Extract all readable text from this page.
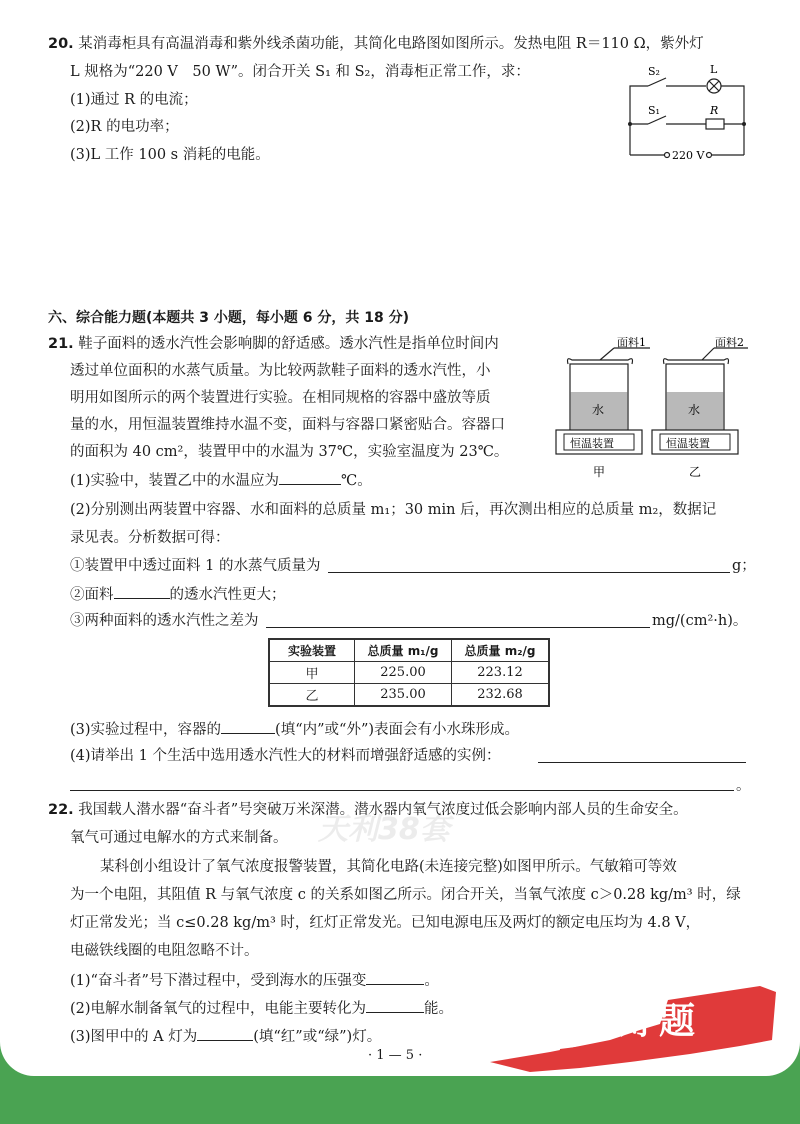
20. 某消毒柜具有高温消毒和紫外线杀菌功能，其简化电路图如图所示。发热电阻 R＝110 Ω，紫外灯
L 规格为“220 V　50 W”。闭合开关 S₁ 和 S₂，消毒柜正常工作，求：
(1)通过 R 的电流；
(2)R 的电功率；
(3)L 工作 100 s 消耗的电能。
S₂	L
S₁	R
220 V
六、综合能力题(本题共 3 小题，每小题 6 分，共 18 分)
21. 鞋子面料的透水汽性会影响脚的舒适感。透水汽性是指单位时间内
透过单位面积的水蒸气质量。为比较两款鞋子面料的透水汽性，小
明用如图所示的两个装置进行实验。在相同规格的容器中盛放等质
量的水，用恒温装置维持水温不变，面料与容器口紧密贴合。容器口
的面积为 40 cm²，装置甲中的水温为 37℃，实验室温度为 23℃。
面料1	面料2
水	水
恒温装置	恒温装置
甲	乙
(1)实验中，装置乙中的水温应为	℃。
(2)分别测出两装置中容器、水和面料的总质量 m₁；30 min 后，再次测出相应的总质量 m₂，数据记
录见表。分析数据可得：
①装置甲中透过面料 1 的水蒸气质量为	g；
②面料	的透水汽性更大；
③两种面料的透水汽性之差为	mg/(cm²·h)。
实验装置	总质量 m₁/g	总质量 m₂/g
甲	225.00	223.12
乙	235.00	232.68
(3)实验过程中，容器的	(填“内”或“外”)表面会有小水珠形成。
(4)请举出 1 个生活中选用透水汽性大的材料而增强舒适感的实例：
。
天利38套
22. 我国载人潜水器“奋斗者”号突破万米深潜。潜水器内氧气浓度过低会影响内部人员的生命安全。
氧气可通过电解水的方式来制备。
某科创小组设计了氧气浓度报警装置，其简化电路(未连接完整)如图甲所示。气敏箱可等效
为一个电阻，其阻值 R 与氧气浓度 c 的关系如图乙所示。闭合开关，当氧气浓度 c＞0.28 kg/m³ 时，绿
灯正常发光；当 c≤0.28 kg/m³ 时，红灯正常发光。已知电源电压及两灯的额定电压均为 4.8 V，
电磁铁线圈的电阻忽略不计。
(1)“奋斗者”号下潜过程中，受到海水的压强变	。
(2)电解水制备氧气的过程中，电能主要转化为	能。
(3)图甲中的 A 灯为	(填“红”或“绿”)灯。
· 1 — 5 ·
好题
